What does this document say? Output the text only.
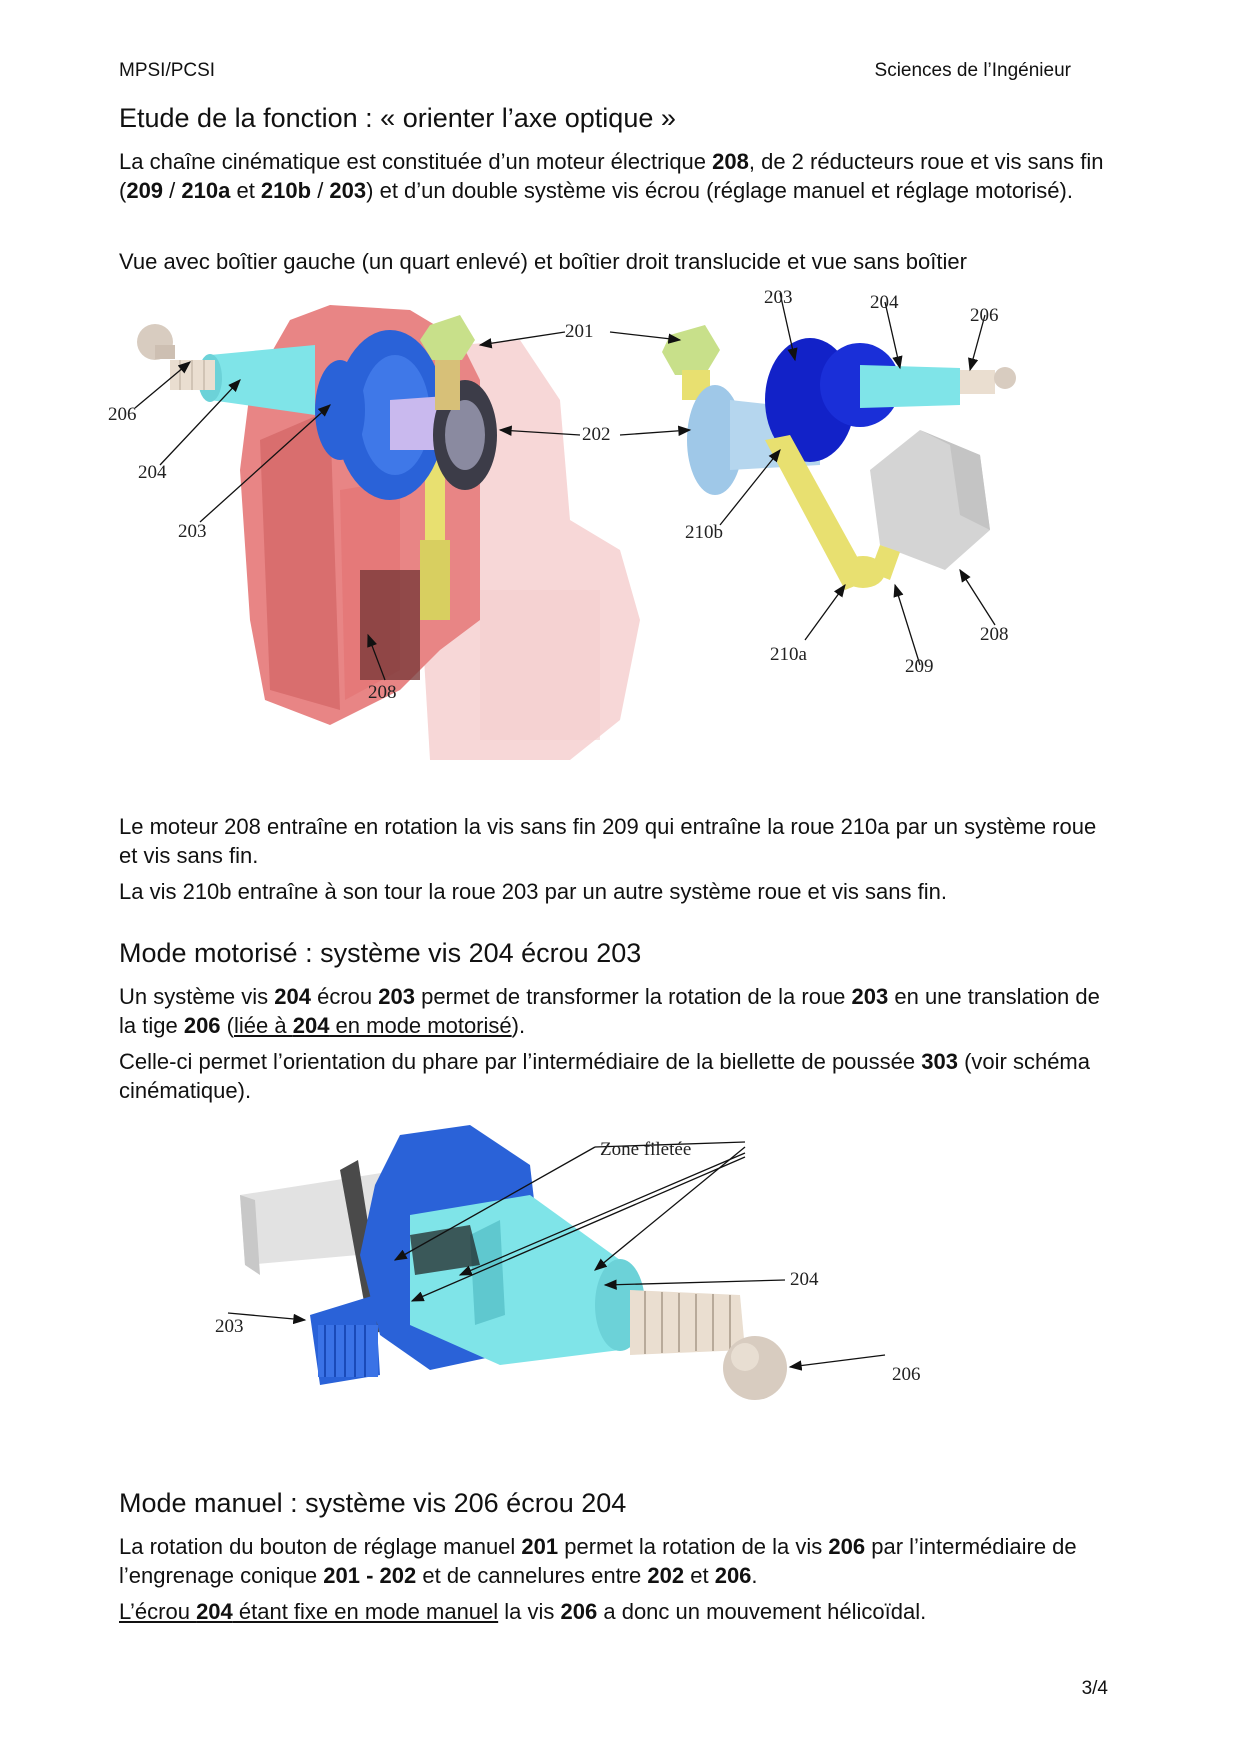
MPSI/PCSI	Sciences de l’Ingénieur
Etude de la fonction : « orienter l’axe optique »

La chaîne cinématique est constituée d’un moteur électrique 208, de 2 réducteurs roue et vis sans fin (209 / 210a et 210b / 203) et d’un double système vis écrou (réglage manuel et réglage motorisé).

Vue avec boîtier gauche (un quart enlevé) et boîtier droit translucide et vue sans boîtier

201
202
206
204
203
208
203	204
206
210b
210a
209
208

Le moteur 208 entraîne en rotation la vis sans fin 209 qui entraîne la roue 210a par un système roue et vis sans fin.

La vis 210b entraîne à son tour la roue 203 par un autre système roue et vis sans fin.

Mode motorisé : système vis 204 écrou 203

Un système vis 204 écrou 203 permet de transformer la rotation de la roue 203 en une translation de la tige 206 (liée à 204 en mode motorisé).

Celle-ci permet l’orientation du phare par l’intermédiaire de la biellette de poussée 303 (voir schéma cinématique).

Zone filetée
204
203
206
Mode manuel : système vis 206 écrou 204

La rotation du bouton de réglage manuel 201 permet la rotation de la vis 206 par l’intermédiaire de l’engrenage conique 201 - 202 et de cannelures entre 202 et 206.

L’écrou 204 étant fixe en mode manuel la vis 206 a donc un mouvement hélicoïdal.

3/4
